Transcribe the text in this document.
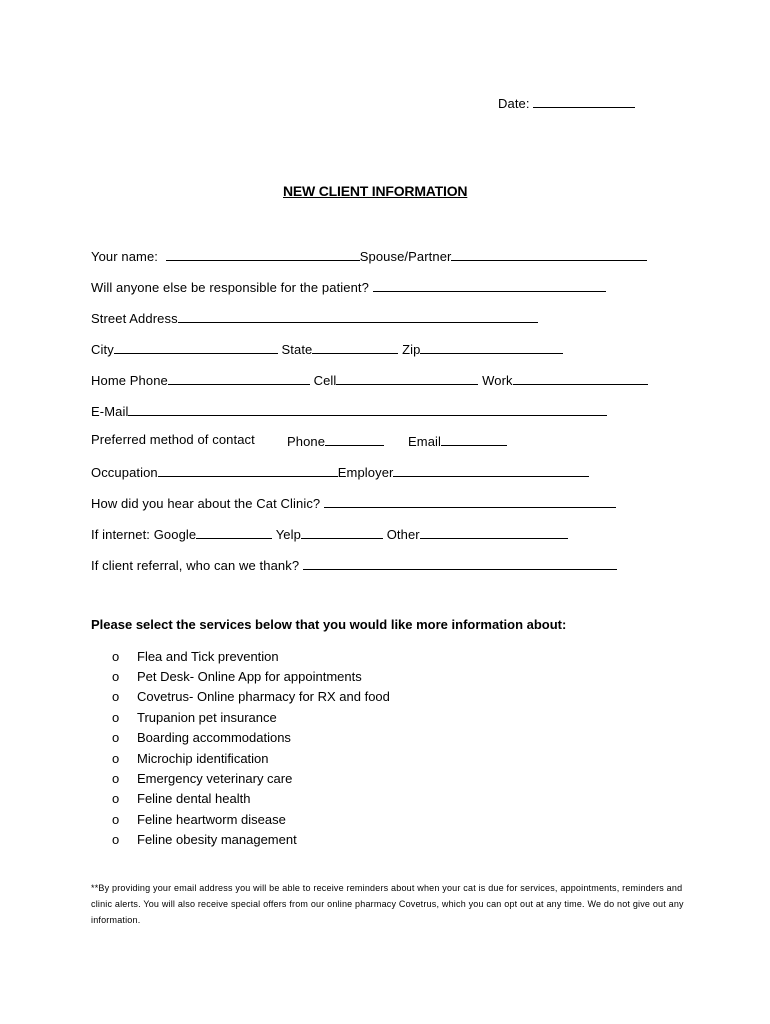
Date:
NEW CLIENT INFORMATION
Your name:	Spouse/Partner
Will anyone else be responsible for the patient?
Street Address
City	State	Zip
Home Phone	Cell	Work
E-Mail
Preferred method of contact Phone	Email
Occupation	Employer
How did you hear about the Cat Clinic?
If internet: Google	Yelp	Other
If client referral, who can we thank?
Please select the services below that you would like more information about:
o	Flea and Tick prevention
o	Pet Desk- Online App for appointments
o	Covetrus- Online pharmacy for RX and food
o	Trupanion pet insurance
o	Boarding accommodations
o	Microchip identification
o	Emergency veterinary care
o	Feline dental health
o	Feline heartworm disease
o	Feline obesity management
**By providing your email address you will be able to receive reminders about when your cat is due for services, appointments, reminders and clinic alerts. You will also receive special offers from our online pharmacy Covetrus, which you can opt out at any time. We do not give out any information.
